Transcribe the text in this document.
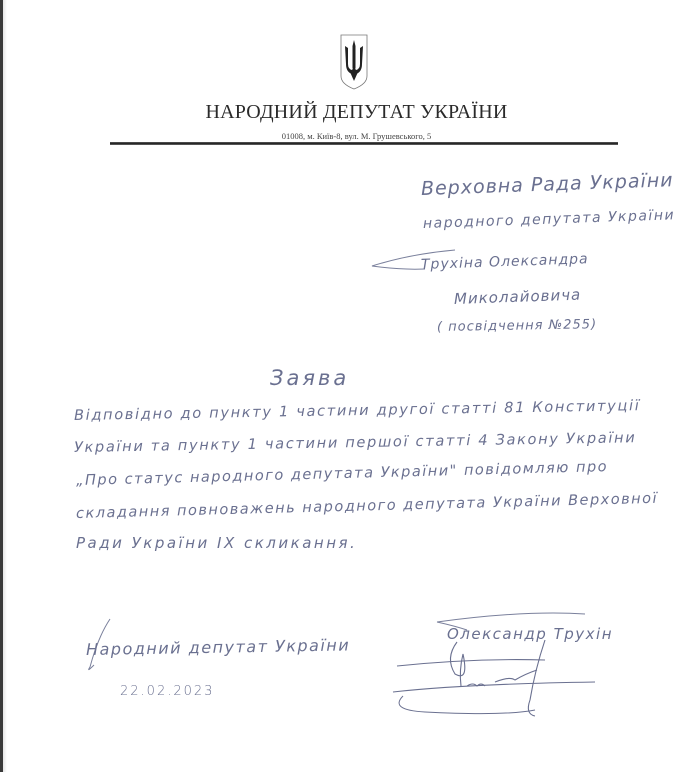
НАРОДНИЙ ДЕПУТАТ УКРАЇНИ
01008, м. Київ-8, вул. М. Грушевського, 5
Верховна Рада України
народного депутата України
Трухіна Олександра
Миколайовича
( посвідчення №255)
Заява
Відповідно до пункту 1 частини другої статті 81 Конституції
України та пункту 1 частини першої статті 4 Закону України
„Про статус народного депутата України" повідомляю про
складання повноважень народного депутата України Верховної
Ради України IX скликання.
Народний депутат України
22.02.2023
Олександр Трухін
